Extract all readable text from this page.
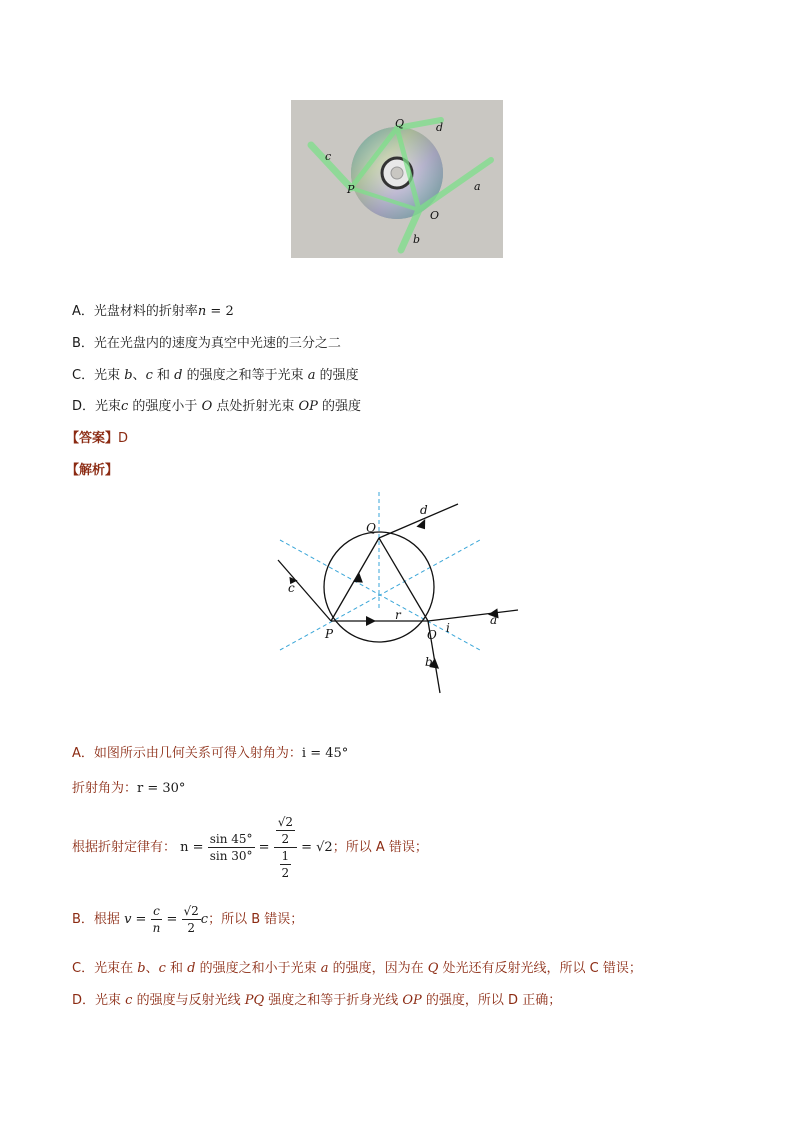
Q	d
c
P	a
O
b
A．光盘材料的折射率n = 2
B．光在光盘内的速度为真空中光速的三分之二
C．光束 b、c 和 d 的强度之和等于光束 a 的强度
D．光束c 的强度小于 O 点处折射光束 OP 的强度
【答案】D
【解析】
Q
d
c
P
r
O i
a
b
A．如图所示由几何关系可得入射角为：i = 45°
折射角为：r = 30°
根据折射定律有： $n = \frac{\sin 45^\circ}{\sin 30^\circ} = \frac{\frac{√2}{2}}{\frac{1}{2}} = √2$；所以 A 错误；
B．根据 $v = \frac{c}{n} = \frac{√2}{2}$ c；所以 B 错误；
C．光束在 b、c 和 d 的强度之和小于光束 a 的强度，因为在 Q 处光还有反射光线，所以 C 错误；
D．光束 c 的强度与反射光线 PQ 强度之和等于折身光线 OP 的强度，所以 D 正确；
